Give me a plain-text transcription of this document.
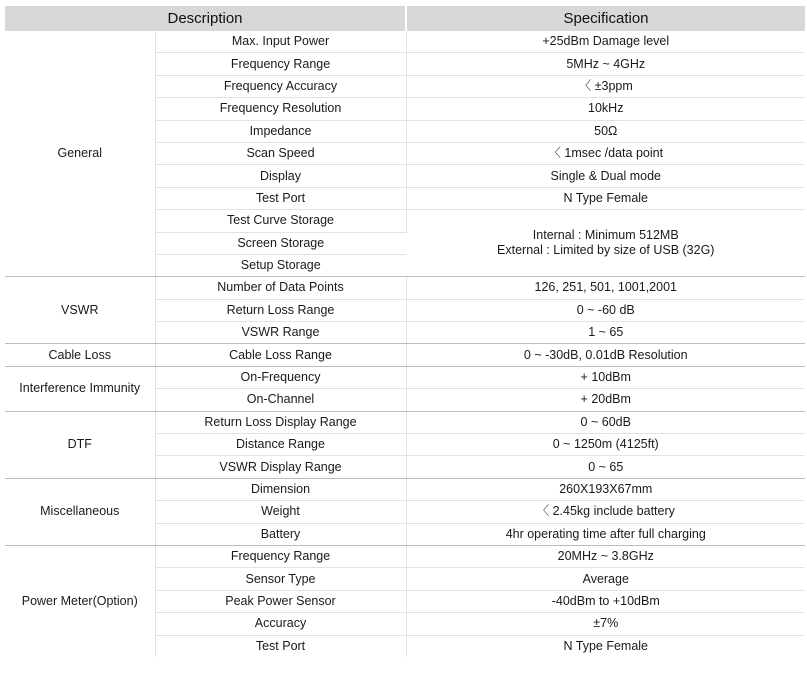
Description		Specification
General	Max. Input Power	+25dBm Damage level
	Frequency Range	5MHz ~ 4GHz
	Frequency Accuracy	〈 ±3ppm
	Frequency Resolution	10kHz
	Impedance	50Ω
	Scan Speed	〈 1msec /data point
	Display	Single & Dual mode
	Test Port	N Type Female
	Test Curve Storage	Internal : Minimum 512MB
External : Limited by size of USB (32G)
	Screen Storage	
	Setup Storage	
VSWR	Number of Data Points	126, 251, 501, 1001,2001
	Return Loss Range	0 ~ -60 dB
	VSWR Range	1 ~ 65
Cable Loss	Cable Loss Range	0 ~ -30dB, 0.01dB Resolution
Interference Immunity	On-Frequency	+ 10dBm
	On-Channel	+ 20dBm
DTF	Return Loss Display Range	0 ~ 60dB
	Distance Range	0 ~ 1250m (4125ft)
	VSWR Display Range	0 ~ 65
Miscellaneous	Dimension	260X193X67mm
	Weight	〈 2.45kg include battery
	Battery	4hr operating time after full charging
Power Meter(Option)	Frequency Range	20MHz ~ 3.8GHz
	Sensor Type	Average
	Peak Power Sensor	-40dBm to +10dBm
	Accuracy	±7%
	Test Port	N Type Female
